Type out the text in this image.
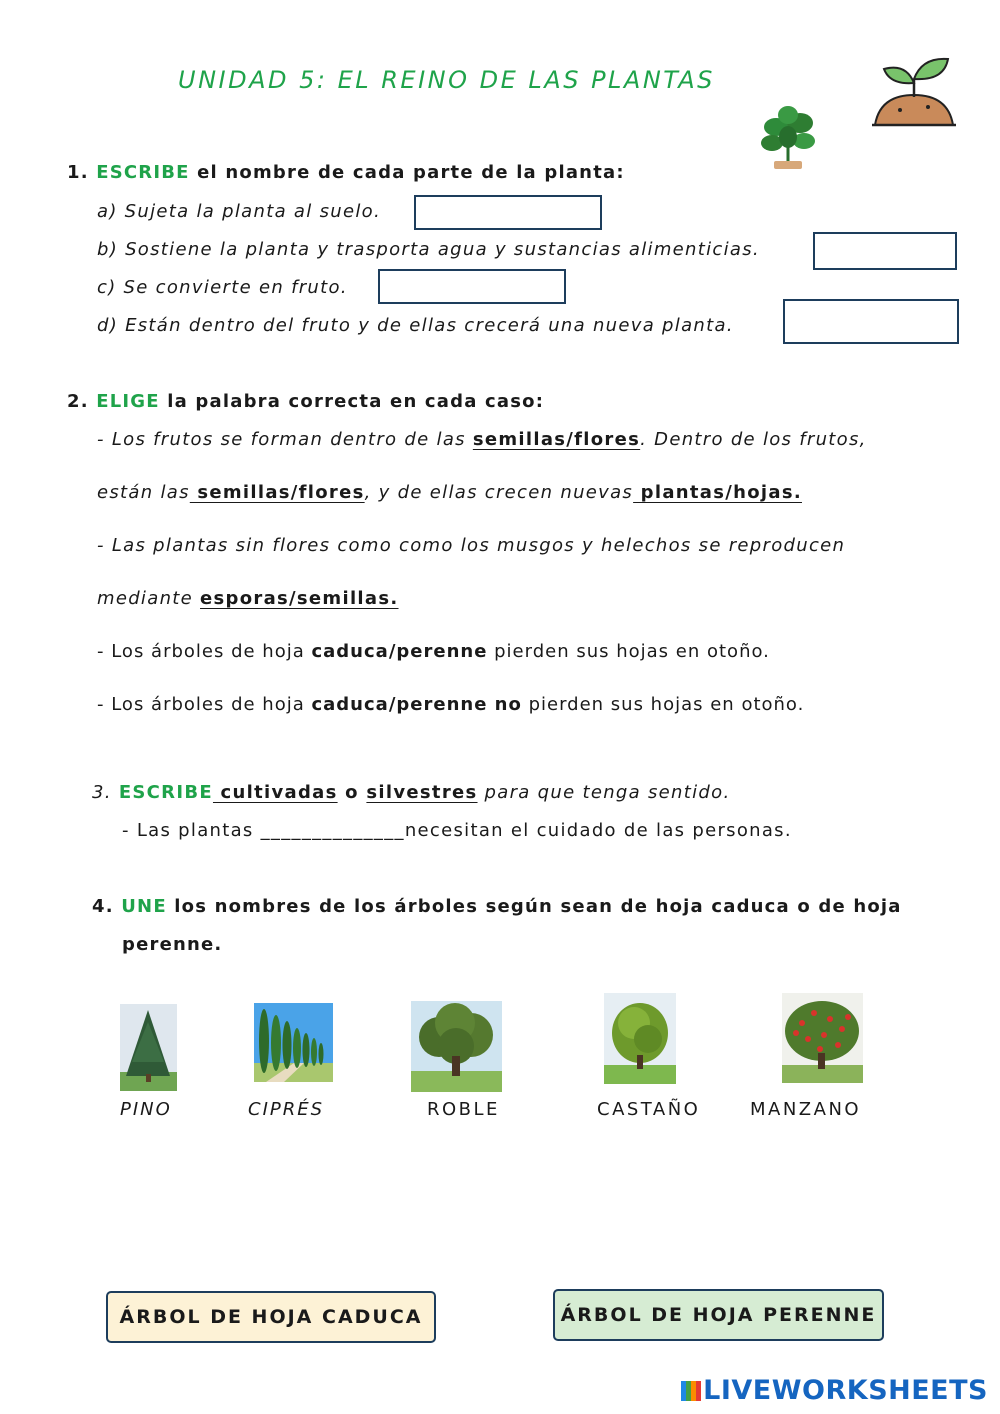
UNIDAD 5: EL REINO DE LAS PLANTAS
1. ESCRIBE el nombre de cada parte de la planta:
a) Sujeta la planta al suelo.
b) Sostiene la planta y trasporta agua y sustancias alimenticias.
c) Se convierte en fruto.
d) Están dentro del fruto y de ellas crecerá una nueva planta.
2. ELIGE la palabra correcta en cada caso:
- Los frutos se forman dentro de las semillas/flores. Dentro de los frutos,
están las semillas/flores, y de ellas crecen nuevas plantas/hojas.
- Las plantas sin flores como como los musgos y helechos se reproducen
mediante esporas/semillas.
- Los árboles de hoja caduca/perenne pierden sus hojas en otoño.
- Los árboles de hoja caduca/perenne no pierden sus hojas en otoño.
3. ESCRIBE cultivadas o silvestres para que tenga sentido.
- Las plantas ______________necesitan el cuidado de las personas.
4. UNE los nombres de los árboles según sean de hoja caduca o de hoja
perenne.
PINO	CIPRÉS	ROBLE	CASTAÑO	MANZANO
ÁRBOL DE HOJA CADUCA	ÁRBOL DE HOJA PERENNE
LIVEWORKSHEETS
